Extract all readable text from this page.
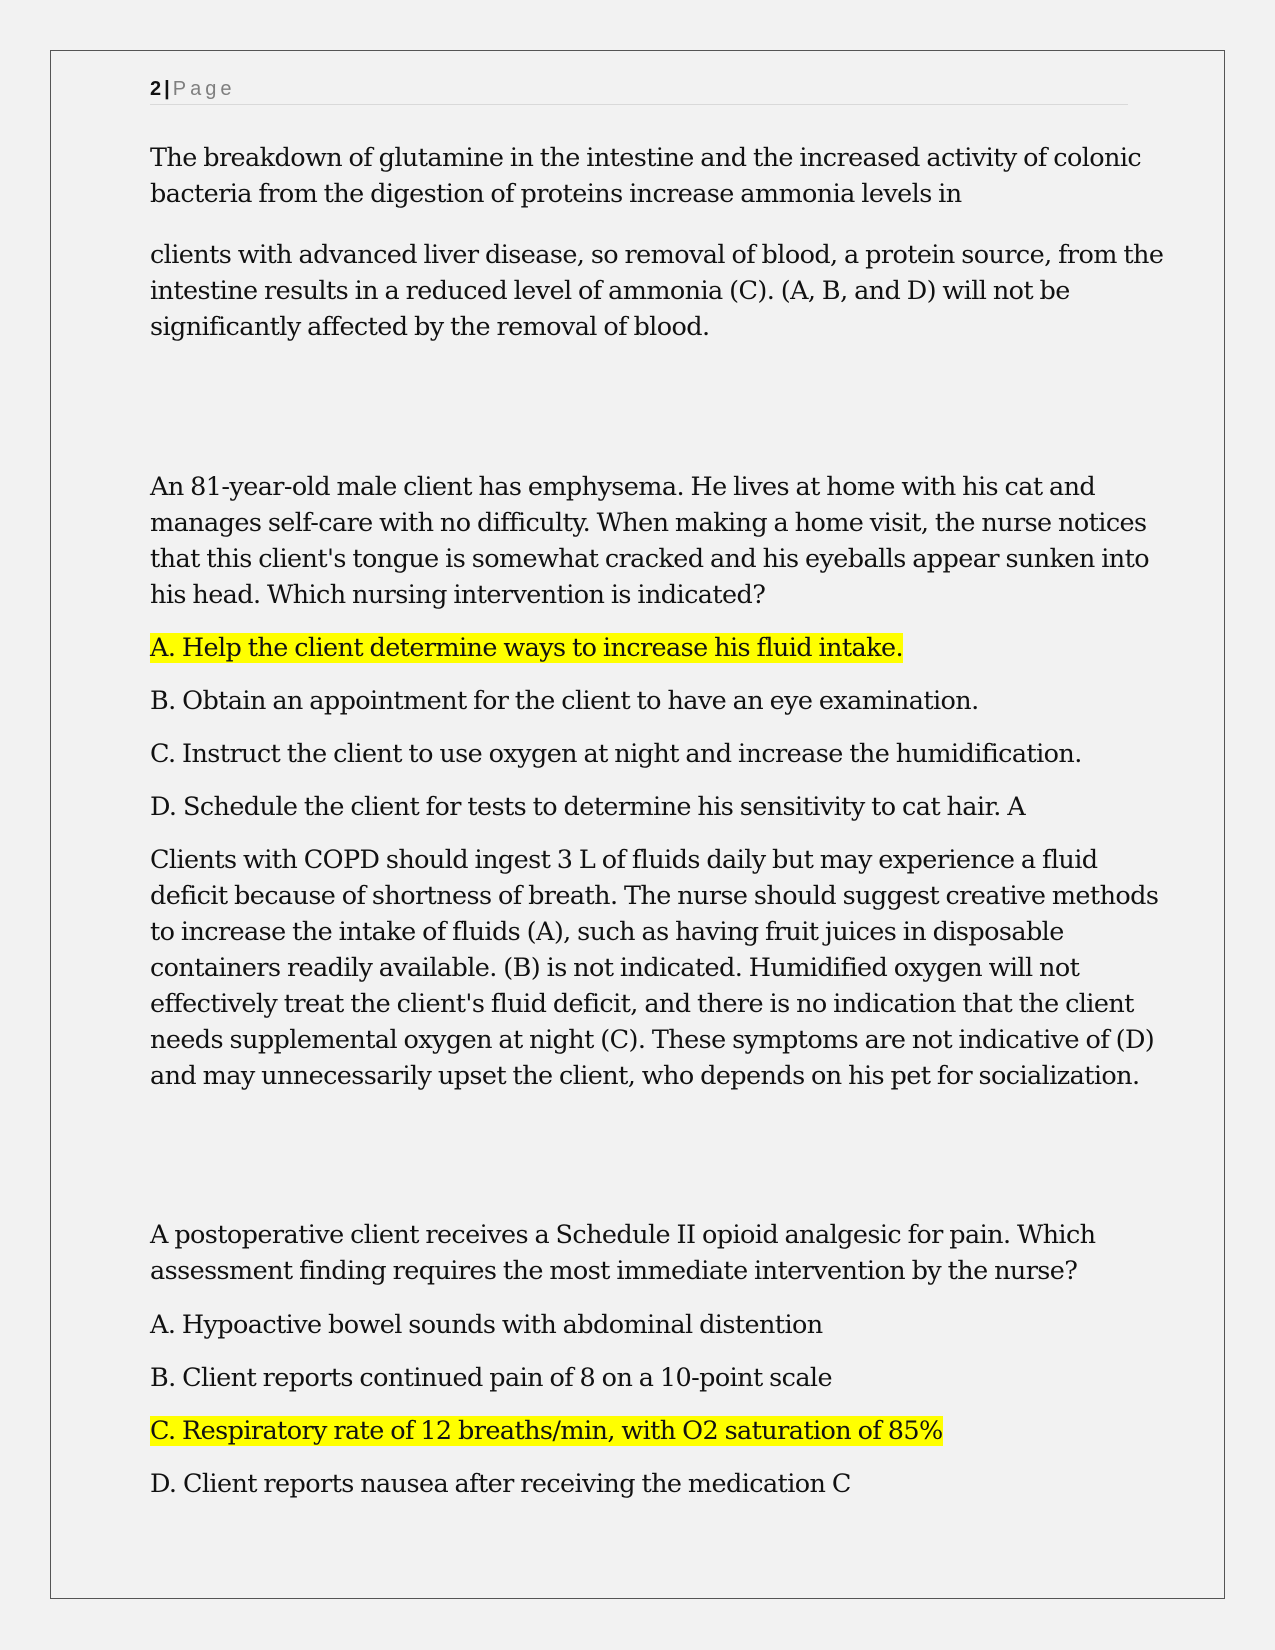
2 | Page
The breakdown of glutamine in the intestine and the increased activity of colonic
bacteria from the digestion of proteins increase ammonia levels in
clients with advanced liver disease, so removal of blood, a protein source, from the
intestine results in a reduced level of ammonia (C). (A, B, and D) will not be
significantly affected by the removal of blood.
An 81-year-old male client has emphysema. He lives at home with his cat and
manages self-care with no difficulty. When making a home visit, the nurse notices
that this client's tongue is somewhat cracked and his eyeballs appear sunken into
his head. Which nursing intervention is indicated?
A. Help the client determine ways to increase his fluid intake.
B. Obtain an appointment for the client to have an eye examination.
C. Instruct the client to use oxygen at night and increase the humidification.
D. Schedule the client for tests to determine his sensitivity to cat hair. A
Clients with COPD should ingest 3 L of fluids daily but may experience a fluid
deficit because of shortness of breath. The nurse should suggest creative methods
to increase the intake of fluids (A), such as having fruit juices in disposable
containers readily available. (B) is not indicated. Humidified oxygen will not
effectively treat the client's fluid deficit, and there is no indication that the client
needs supplemental oxygen at night (C). These symptoms are not indicative of (D)
and may unnecessarily upset the client, who depends on his pet for socialization.
A postoperative client receives a Schedule II opioid analgesic for pain. Which
assessment finding requires the most immediate intervention by the nurse?
A. Hypoactive bowel sounds with abdominal distention
B. Client reports continued pain of 8 on a 10-point scale
C. Respiratory rate of 12 breaths/min, with O2 saturation of 85%
D. Client reports nausea after receiving the medication C
